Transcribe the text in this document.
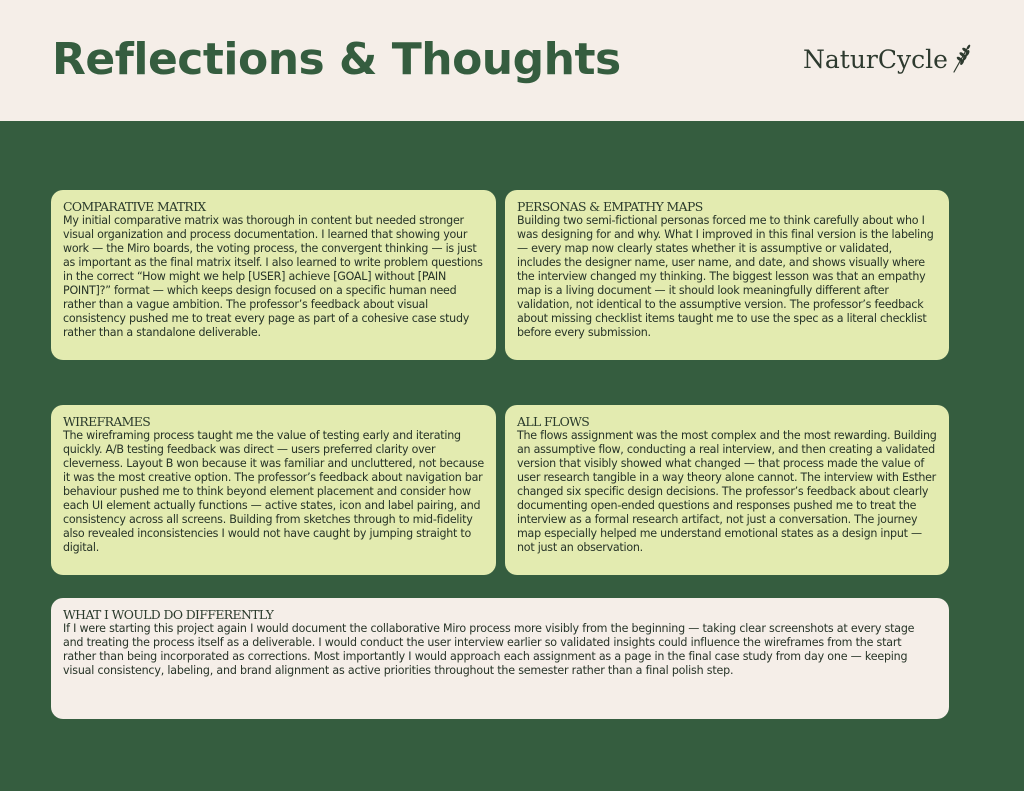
Reflections & Thoughts	NaturCycle
COMPARATIVE MATRIX
My initial comparative matrix was thorough in content but needed stronger visual organization and process documentation. I learned that showing your work — the Miro boards, the voting process, the convergent thinking — is just as important as the final matrix itself. I also learned to write problem questions in the correct “How might we help [USER] achieve [GOAL] without [PAIN POINT]?” format — which keeps design focused on a specific human need rather than a vague ambition. The professor’s feedback about visual consistency pushed me to treat every page as part of a cohesive case study rather than a standalone deliverable.
PERSONAS & EMPATHY MAPS
Building two semi-fictional personas forced me to think carefully about who I was designing for and why. What I improved in this final version is the labeling — every map now clearly states whether it is assumptive or validated, includes the designer name, user name, and date, and shows visually where the interview changed my thinking. The biggest lesson was that an empathy map is a living document — it should look meaningfully different after validation, not identical to the assumptive version. The professor’s feedback about missing checklist items taught me to use the spec as a literal checklist before every submission.
WIREFRAMES
The wireframing process taught me the value of testing early and iterating quickly. A/B testing feedback was direct — users preferred clarity over cleverness. Layout B won because it was familiar and uncluttered, not because it was the most creative option. The professor’s feedback about navigation bar behaviour pushed me to think beyond element placement and consider how each UI element actually functions — active states, icon and label pairing, and consistency across all screens. Building from sketches through to mid-fidelity also revealed inconsistencies I would not have caught by jumping straight to digital.
ALL FLOWS
The flows assignment was the most complex and the most rewarding. Building an assumptive flow, conducting a real interview, and then creating a validated version that visibly showed what changed — that process made the value of user research tangible in a way theory alone cannot. The interview with Esther changed six specific design decisions. The professor’s feedback about clearly documenting open-ended questions and responses pushed me to treat the interview as a formal research artifact, not just a conversation. The journey map especially helped me understand emotional states as a design input — not just an observation.
WHAT I WOULD DO DIFFERENTLY
If I were starting this project again I would document the collaborative Miro process more visibly from the beginning — taking clear screenshots at every stage and treating the process itself as a deliverable. I would conduct the user interview earlier so validated insights could influence the wireframes from the start rather than being incorporated as corrections. Most importantly I would approach each assignment as a page in the final case study from day one — keeping visual consistency, labeling, and brand alignment as active priorities throughout the semester rather than a final polish step.
